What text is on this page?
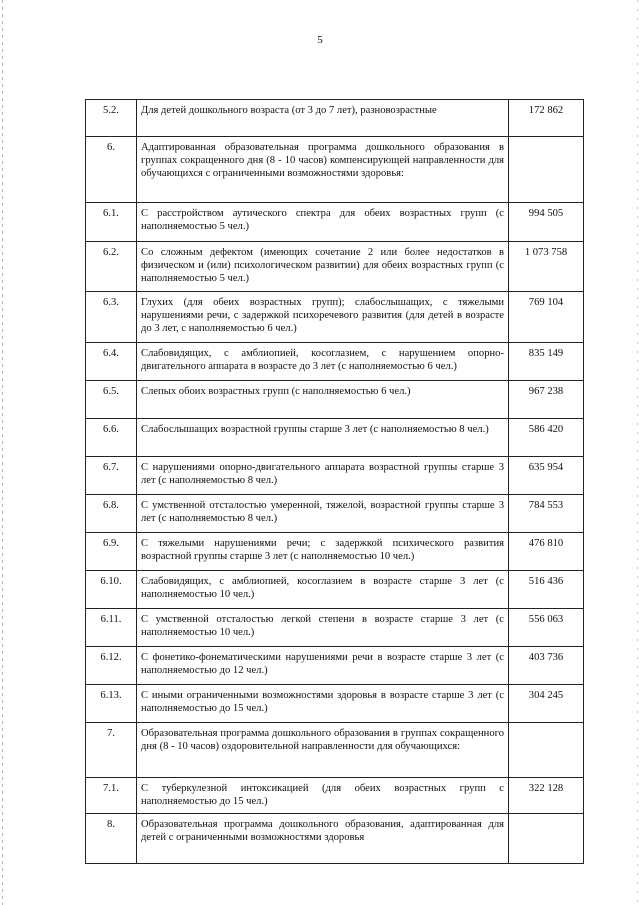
5
5.2.	Для детей дошкольного возраста (от 3 до 7 лет), разновозрастные	172 862
6.	Адаптированная образовательная программа дошкольного образования в группах сокращенного дня (8 - 10 часов) компенсирующей направленности для обучающихся с ограниченными возможностями здоровья:	
6.1.	С расстройством аутического спектра для обеих возрастных групп (с наполняемостью 5 чел.)	994 505
6.2.	Со сложным дефектом (имеющих сочетание 2 или более недостатков в физическом и (или) психологическом развитии) для обеих возрастных групп (с наполняемостью 5 чел.)	1 073 758
6.3.	Глухих (для обеих возрастных групп); слабослышащих, с тяжелыми нарушениями речи, с задержкой психоречевого развития (для детей в возрасте до 3 лет, с наполняемостью 6 чел.)	769 104
6.4.	Слабовидящих, с амблиопией, косоглазием, с нарушением опорно-двигательного аппарата в возрасте до 3 лет (с наполняемостью 6 чел.)	835 149
6.5.	Слепых обоих возрастных групп (с наполняемостью 6 чел.)	967 238
6.6.	Слабослышащих возрастной группы старше 3 лет (с наполняемостью 8 чел.)	586 420
6.7.	С нарушениями опорно-двигательного аппарата возрастной группы старше 3 лет (с наполняемостью 8 чел.)	635 954
6.8.	С умственной отсталостью умеренной, тяжелой, возрастной группы старше 3 лет (с наполняемостью 8 чел.)	784 553
6.9.	С тяжелыми нарушениями речи; с задержкой психического развития возрастной группы старше 3 лет (с наполняемостью 10 чел.)	476 810
6.10.	Слабовидящих, с амблиопией, косоглазием в возрасте старше 3 лет (с наполняемостью 10 чел.)	516 436
6.11.	С умственной отсталостью легкой степени в возрасте старше 3 лет (с наполняемостью 10 чел.)	556 063
6.12.	С фонетико-фонематическими нарушениями речи в возрасте старше 3 лет (с наполняемостью до 12 чел.)	403 736
6.13.	С иными ограниченными возможностями здоровья в возрасте старше 3 лет (с наполняемостью до 15 чел.)	304 245
7.	Образовательная программа дошкольного образования в группах сокращенного дня (8 - 10 часов) оздоровительной направленности для обучающихся:	
7.1.	С туберкулезной интоксикацией (для обеих возрастных групп с наполняемостью до 15 чел.)	322 128
8.	Образовательная программа дошкольного образования, адаптированная для детей с ограниченными возможностями здоровья	
